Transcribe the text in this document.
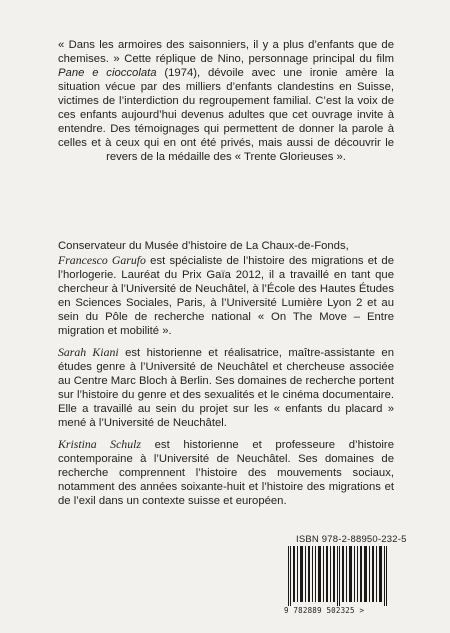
« Dans les armoires des saisonniers, il y a plus d’enfants que de chemises. » Cette réplique de Nino, personnage principal du film Pane e cioccolata (1974), dévoile avec une ironie amère la situation vécue par des milliers d’enfants clandestins en Suisse, victimes de l’interdiction du regroupement familial. C’est la voix de ces enfants aujourd’hui devenus adultes que cet ouvrage invite à entendre. Des témoignages qui permettent de donner la parole à celles et à ceux qui en ont été privés, mais aussi de découvrir le revers de la médaille des « Trente Glorieuses ».

Conservateur du Musée d’histoire de La Chaux-de-Fonds,
Francesco Garufo est spécialiste de l’histoire des migrations et de l’horlogerie. Lauréat du Prix Gaïa 2012, il a travaillé en tant que chercheur à l’Université de Neuchâtel, à l’École des Hautes Études en Sciences Sociales, Paris, à l’Université Lumière Lyon 2 et au sein du Pôle de recherche national « On The Move – Entre migration et mobilité ».

Sarah Kiani est historienne et réalisatrice, maître-assistante en études genre à l’Université de Neuchâtel et chercheuse associée au Centre Marc Bloch à Berlin. Ses domaines de recherche portent sur l’histoire du genre et des sexualités et le cinéma documentaire. Elle a travaillé au sein du projet sur les « enfants du placard » mené à l’Université de Neuchâtel.

Kristina Schulz est historienne et professeure d’histoire contemporaine à l’Université de Neuchâtel. Ses domaines de recherche comprennent l’histoire des mouvements sociaux, notamment des années soixante-huit et l’histoire des migrations et de l’exil dans un contexte suisse et européen.

ISBN 978-2-88950-232-5
9 782889 502325 >
